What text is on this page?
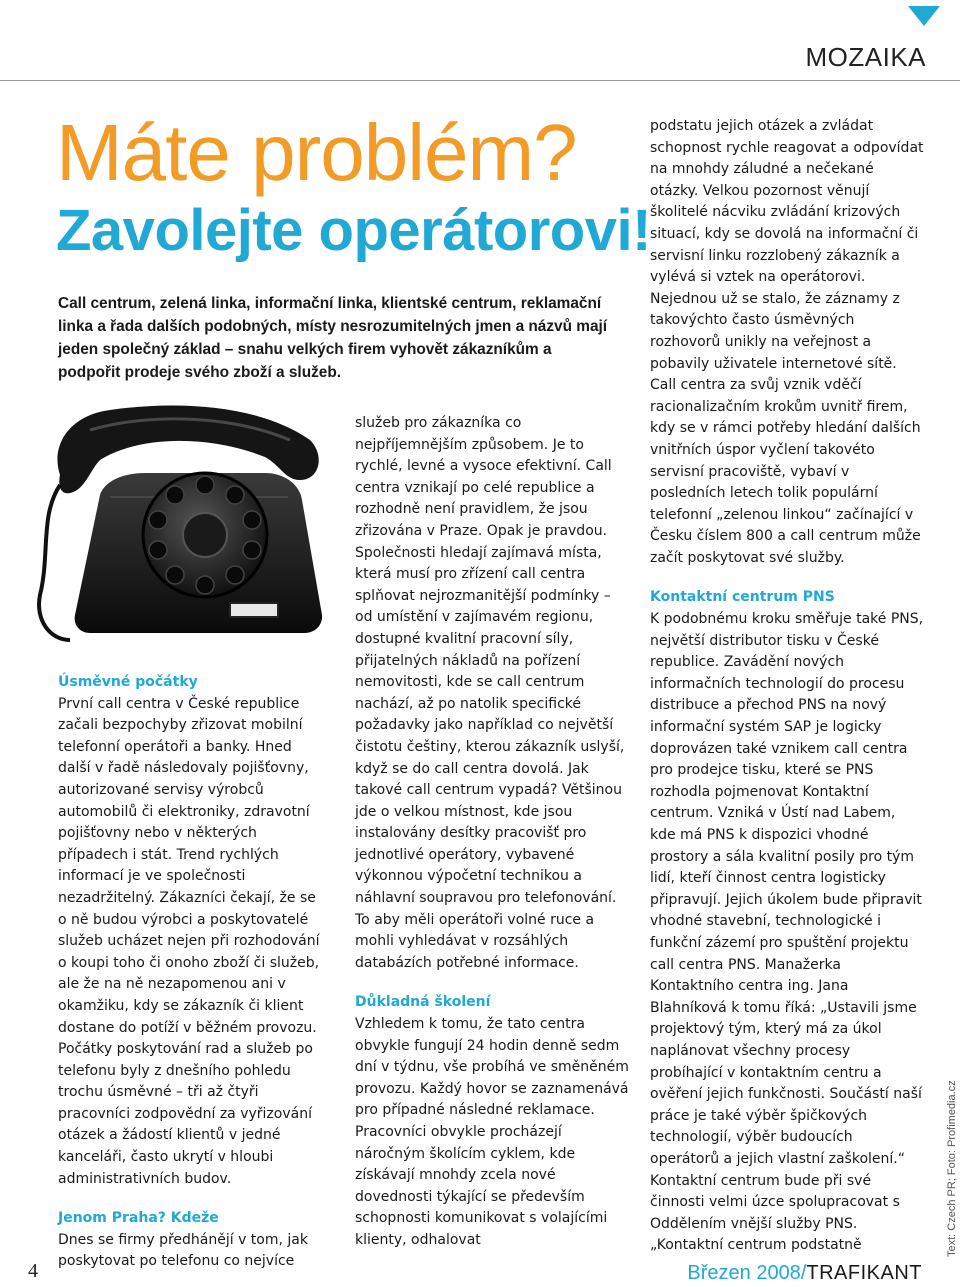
MOZAIKA
Máte problém?
Zavolejte operátorovi!

Call centrum, zelená linka, informační linka, klientské centrum, reklamační linka a řada dalších podobných, místy nesrozumitelných jmen a názvů mají jeden společný základ – snahu velkých firem vyhovět zákazníkům a podpořit prodeje svého zboží a služeb.

Úsměvné počátky

První call centra v České republice začali bezpochyby zřizovat mobilní telefonní operátoři a banky. Hned další v řadě následovaly pojišťovny, autorizované servisy výrobců automobilů či elektroniky, zdravotní pojišťovny nebo v některých případech i stát. Trend rychlých informací je ve společnosti nezadržitelný. Zákazníci čekají, že se o ně budou výrobci a poskytovatelé služeb ucházet nejen při rozhodování o koupi toho či onoho zboží či služeb, ale že na ně nezapomenou ani v okamžiku, kdy se zákazník či klient dostane do potíží v běžném provozu. Počátky poskytování rad a služeb po telefonu byly z dnešního pohledu trochu úsměvné – tři až čtyři pracovníci zodpovědní za vyřizování otázek a žádostí klientů v jedné kanceláři, často ukrytí v hloubi administrativních budov.

Jenom Praha? Kdeže

Dnes se firmy předhánějí v tom, jak poskytovat po telefonu co nejvíce

služeb pro zákazníka co nejpříjemnějším způsobem. Je to rychlé, levné a vysoce efektivní. Call centra vznikají po celé republice a rozhodně není pravidlem, že jsou zřizována v Praze. Opak je pravdou. Společnosti hledají zajímavá místa, která musí pro zřízení call centra splňovat nejrozmanitější podmínky – od umístění v zajímavém regionu, dostupné kvalitní pracovní síly, přijatelných nákladů na pořízení nemovitosti, kde se call centrum nachází, až po natolik specifické požadavky jako například co největší čistotu češtiny, kterou zákazník uslyší, když se do call centra dovolá. Jak takové call centrum vypadá? Většinou jde o velkou místnost, kde jsou instalovány desítky pracovišť pro jednotlivé operátory, vybavené výkonnou výpočetní technikou a náhlavní soupravou pro telefonování. To aby měli operátoři volné ruce a mohli vyhledávat v rozsáhlých databázích potřebné informace.

Důkladná školení

Vzhledem k tomu, že tato centra obvykle fungují 24 hodin denně sedm dní v týdnu, vše probíhá ve směněném provozu. Každý hovor se zaznamenává pro případné následné reklamace. Pracovníci obvykle procházejí náročným školícím cyklem, kde získávají mnohdy zcela nové dovednosti týkající se především schopnosti komunikovat s volajícími klienty, odhalovat

podstatu jejich otázek a zvládat schopnost rychle reagovat a odpovídat na mnohdy záludné a nečekané otázky. Velkou pozornost věnují školitelé nácviku zvládání krizových situací, kdy se dovolá na informační či servisní linku rozzlobený zákazník a vylévá si vztek na operátorovi. Nejednou už se stalo, že záznamy z takovýchto často úsměvných rozhovorů unikly na veřejnost a pobavily uživatele internetové sítě. Call centra za svůj vznik vděčí racionalizačním krokům uvnitř firem, kdy se v rámci potřeby hledání dalších vnitřních úspor vyčlení takovéto servisní pracoviště, vybaví v posledních letech tolik populární telefonní „zelenou linkou“ začínající v Česku číslem 800 a call centrum může začít poskytovat své služby.

Kontaktní centrum PNS

K podobnému kroku směřuje také PNS, největší distributor tisku v České republice. Zavádění nových informačních technologií do procesu distribuce a přechod PNS na nový informační systém SAP je logicky doprovázen také vznikem call centra pro prodejce tisku, které se PNS rozhodla pojmenovat Kontaktní centrum. Vzniká v Ústí nad Labem, kde má PNS k dispozici vhodné prostory a sála kvalitní posily pro tým lidí, kteří činnost centra logisticky připravují. Jejich úkolem bude připravit vhodné stavební, technologické i funkční zázemí pro spuštění projektu call centra PNS. Manažerka Kontaktního centra ing. Jana Blahníková k tomu říká: „Ustavili jsme projektový tým, který má za úkol naplánovat všechny procesy probíhající v kontaktním centru a ověření jejich funkčnosti. Součástí naší práce je také výběr špičkových technologií, výběr budoucích operátorů a jejich vlastní zaškolení.“

Kontaktní centrum bude při své činnosti velmi úzce spolupracovat s Oddělením vnější služby PNS. „Kontaktní centrum podstatně

4	Březen 2008/TRAFIKANT
Text: Czech PR; Foto: Profimedia.cz
